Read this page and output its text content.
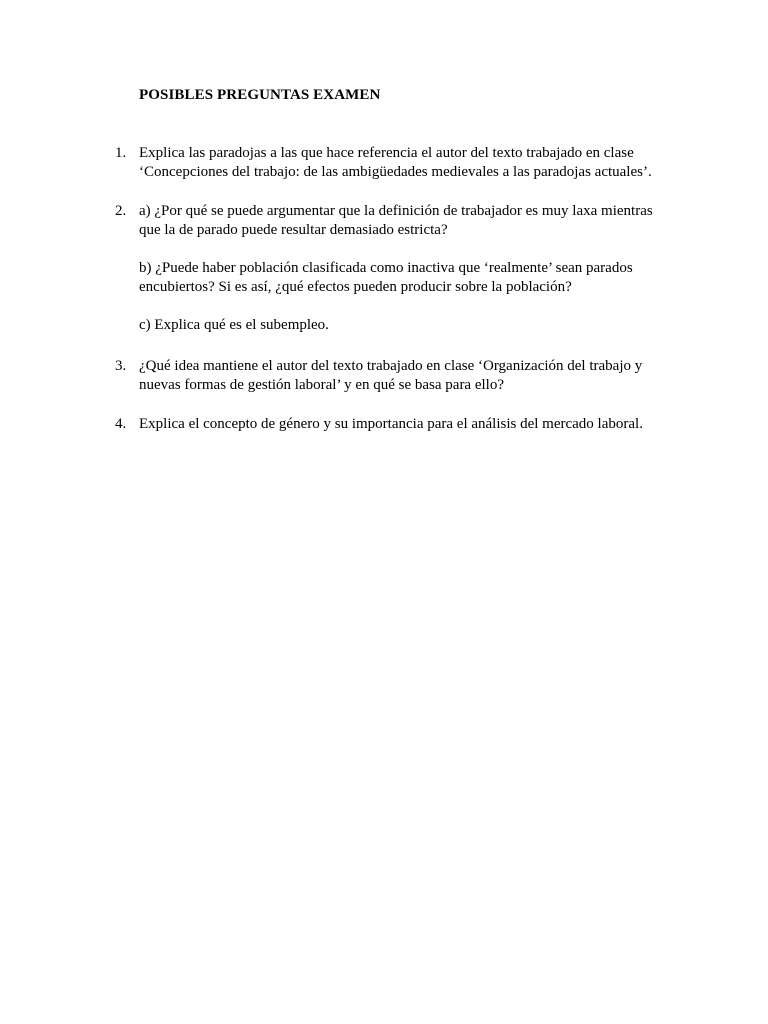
POSIBLES PREGUNTAS EXAMEN
1. Explica las paradojas a las que hace referencia el autor del texto trabajado en clase
‘Concepciones del trabajo: de las ambigüedades medievales a las paradojas actuales’.
2. a) ¿Por qué se puede argumentar que la definición de trabajador es muy laxa mientras
que la de parado puede resultar demasiado estricta?
b) ¿Puede haber población clasificada como inactiva que ‘realmente’ sean parados
encubiertos? Si es así, ¿qué efectos pueden producir sobre la población?
c) Explica qué es el subempleo.
3. ¿Qué idea mantiene el autor del texto trabajado en clase ‘Organización del trabajo y
nuevas formas de gestión laboral’ y en qué se basa para ello?
4. Explica el concepto de género y su importancia para el análisis del mercado laboral.
